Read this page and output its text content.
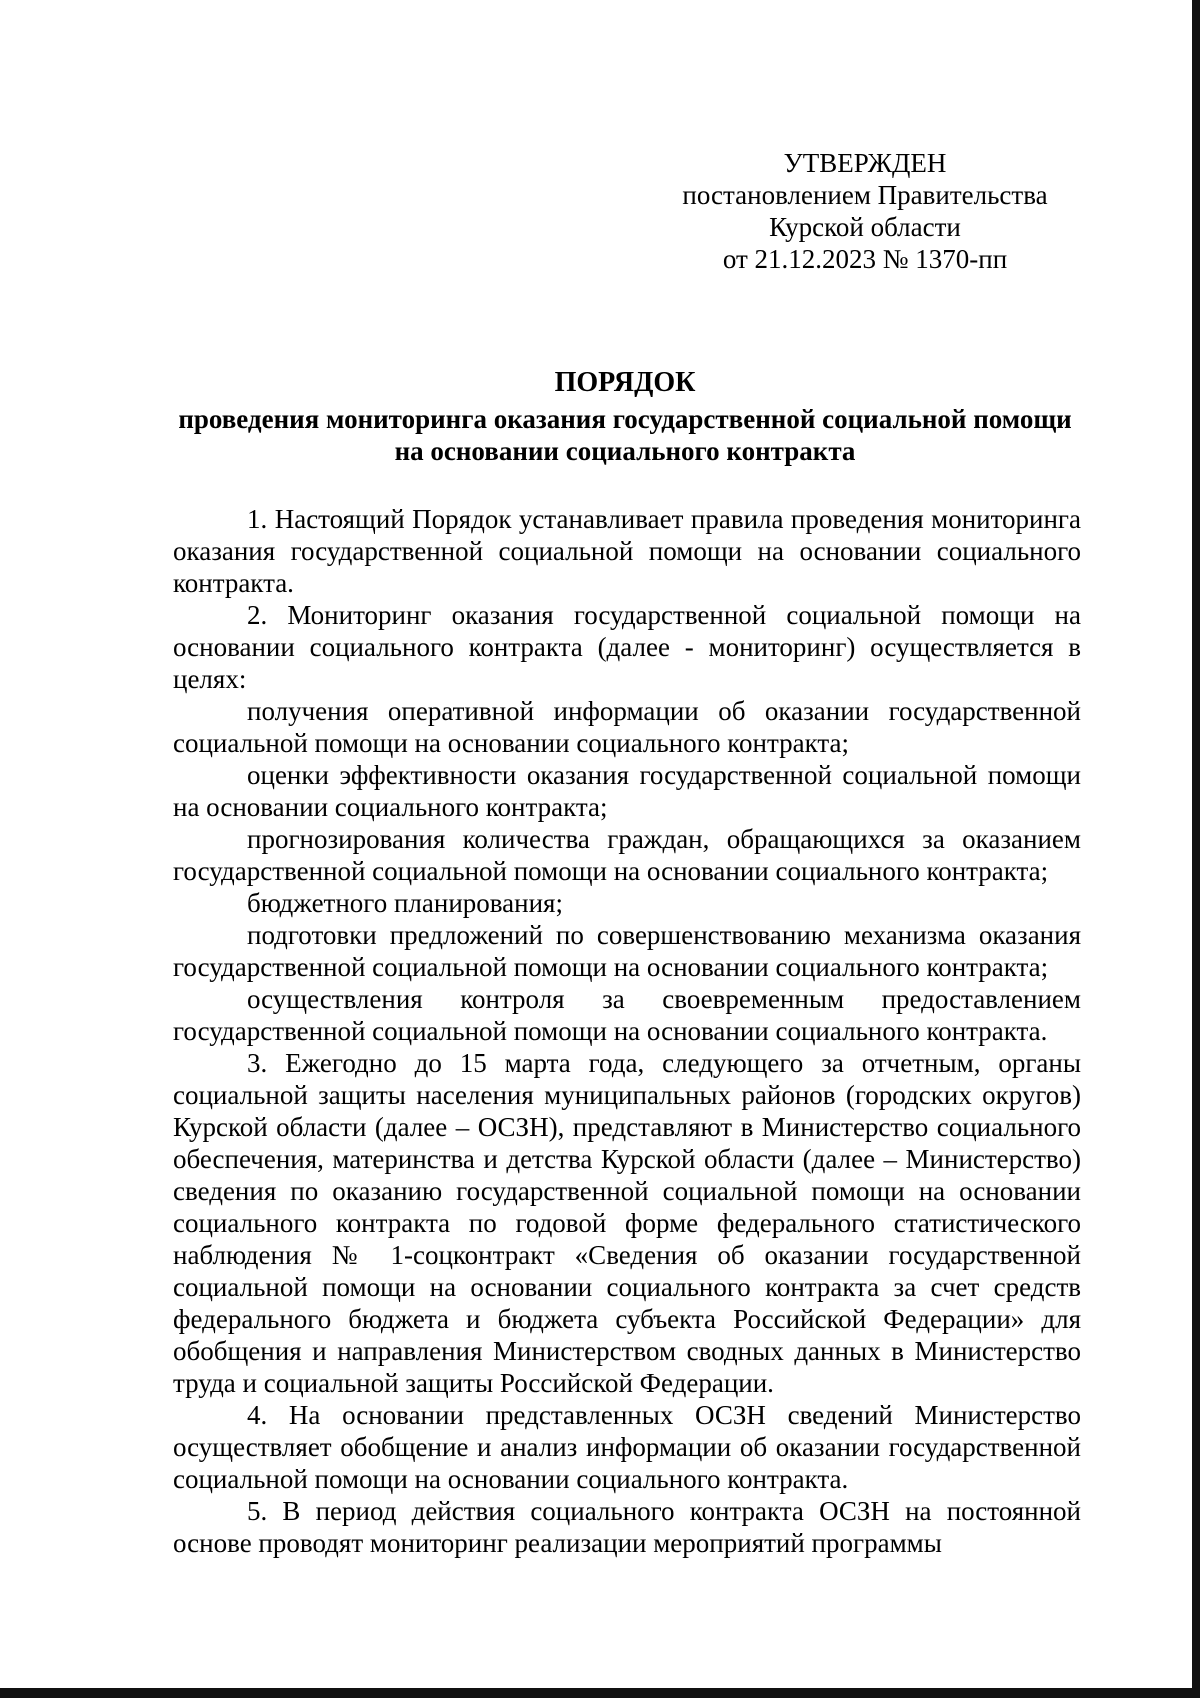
УТВЕРЖДЕН
постановлением Правительства
Курской области
от 21.12.2023 № 1370-пп
ПОРЯДОК
проведения мониторинга оказания государственной социальной помощи на основании социального контракта

1. Настоящий Порядок устанавливает правила проведения мониторинга оказания государственной социальной помощи на основании социального контракта.

2. Мониторинг оказания государственной социальной помощи на основании социального контракта (далее - мониторинг) осуществляется в целях:

получения оперативной информации об оказании государственной социальной помощи на основании социального контракта;

оценки эффективности оказания государственной социальной помощи на основании социального контракта;

прогнозирования количества граждан, обращающихся за оказанием государственной социальной помощи на основании социального контракта;

бюджетного планирования;

подготовки предложений по совершенствованию механизма оказания государственной социальной помощи на основании социального контракта;

осуществления контроля за своевременным предоставлением государственной социальной помощи на основании социального контракта.

3. Ежегодно до 15 марта года, следующего за отчетным, органы социальной защиты населения муниципальных районов (городских округов) Курской области (далее – ОСЗН), представляют в Министерство социального обеспечения, материнства и детства Курской области (далее – Министерство) сведения по оказанию государственной социальной помощи на основании социального контракта по годовой форме федерального статистического наблюдения № 1-соцконтракт «Сведения об оказании государственной социальной помощи на основании социального контракта за счет средств федерального бюджета и бюджета субъекта Российской Федерации» для обобщения и направления Министерством сводных данных в Министерство труда и социальной защиты Российской Федерации.

4. На основании представленных ОСЗН сведений Министерство осуществляет обобщение и анализ информации об оказании государственной социальной помощи на основании социального контракта.

5. В период действия социального контракта ОСЗН на постоянной основе проводят мониторинг реализации мероприятий программы
